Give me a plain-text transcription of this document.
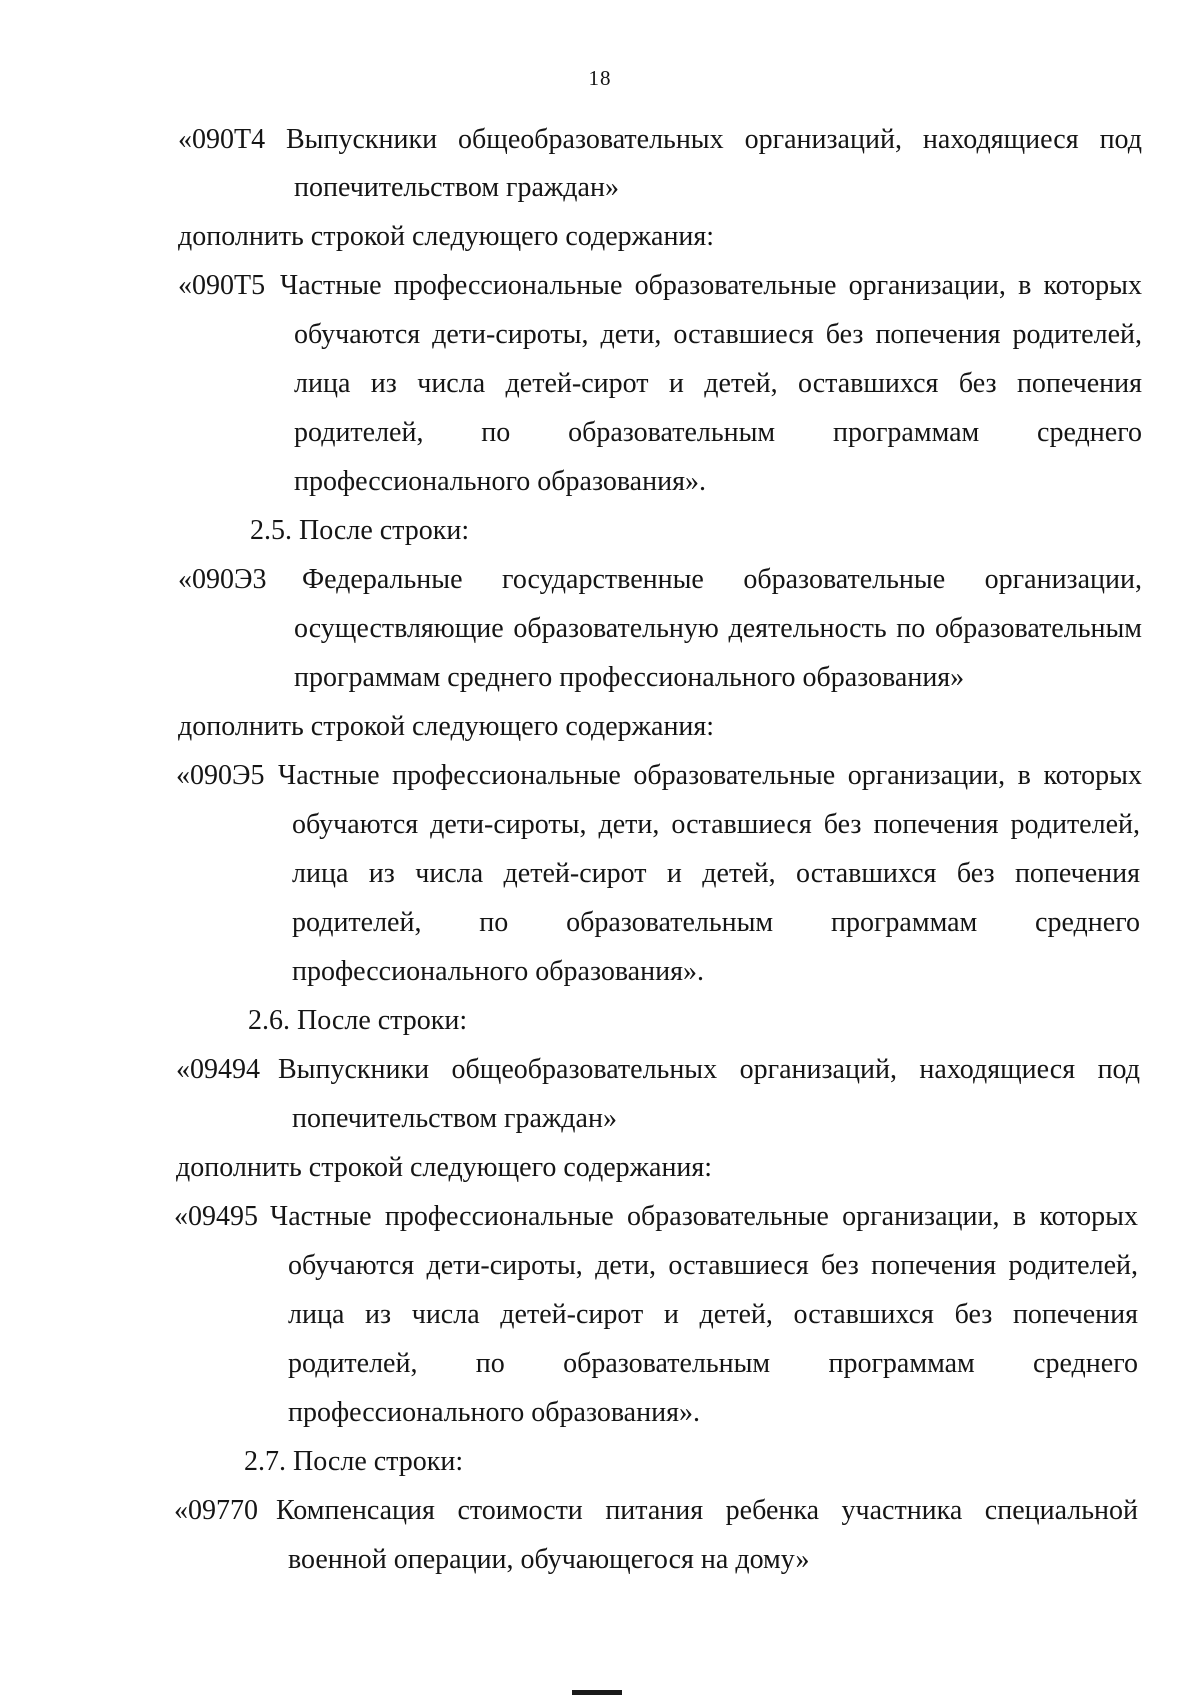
18
«090Т4 Выпускники общеобразовательных организаций, находящиеся под
попечительством граждан»
дополнить строкой следующего содержания:
«090Т5 Частные профессиональные образовательные организации, в которых
обучаются дети-сироты, дети, оставшиеся без попечения родителей,
лица из числа детей-сирот и детей, оставшихся без попечения
родителей, по образовательным программам среднего
профессионального образования».
2.5. После строки:
«090Э3 Федеральные государственные образовательные организации,
осуществляющие образовательную деятельность по образовательным
программам среднего профессионального образования»
дополнить строкой следующего содержания:
«090Э5 Частные профессиональные образовательные организации, в которых
обучаются дети-сироты, дети, оставшиеся без попечения родителей,
лица из числа детей-сирот и детей, оставшихся без попечения
родителей, по образовательным программам среднего
профессионального образования».
2.6. После строки:
«09494 Выпускники общеобразовательных организаций, находящиеся под
попечительством граждан»
дополнить строкой следующего содержания:
«09495 Частные профессиональные образовательные организации, в которых
обучаются дети-сироты, дети, оставшиеся без попечения родителей,
лица из числа детей-сирот и детей, оставшихся без попечения
родителей, по образовательным программам среднего
профессионального образования».
2.7. После строки:
«09770 Компенсация стоимости питания ребенка участника специальной
военной операции, обучающегося на дому»
